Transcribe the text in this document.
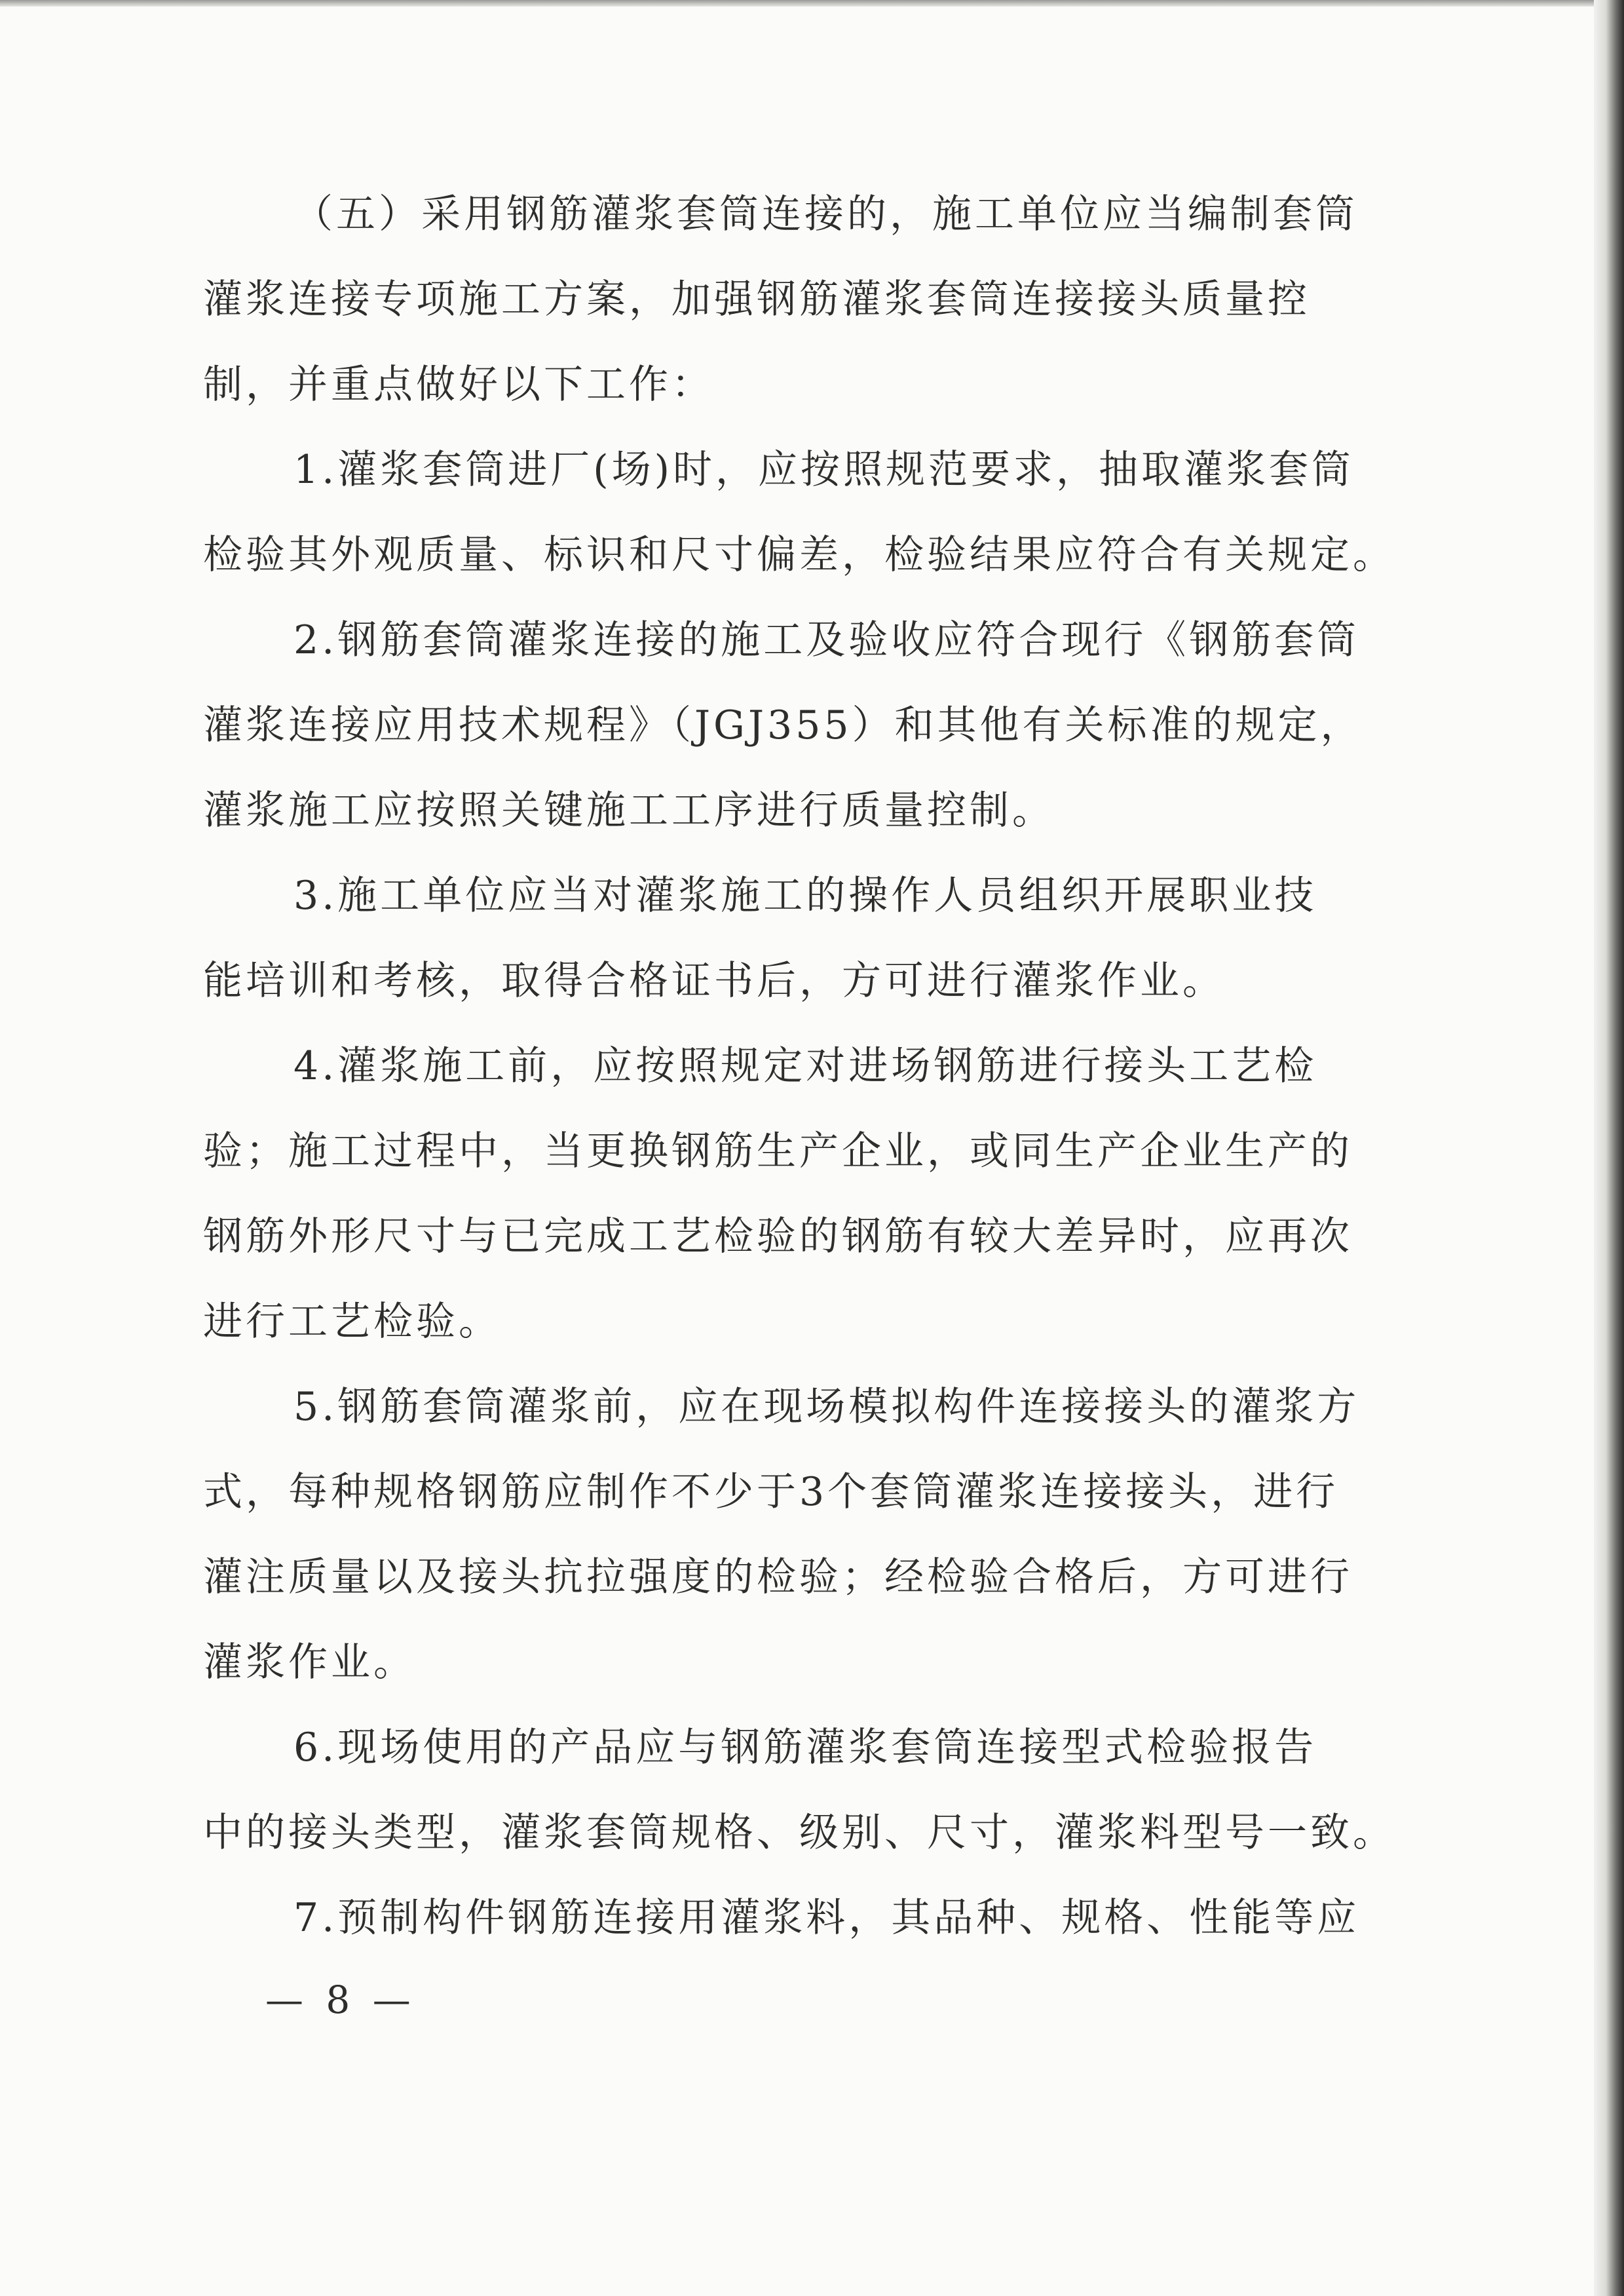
（五）采用钢筋灌浆套筒连接的，施工单位应当编制套筒
灌浆连接专项施工方案，加强钢筋灌浆套筒连接接头质量控
制，并重点做好以下工作：
1.灌浆套筒进厂(场)时，应按照规范要求，抽取灌浆套筒
检验其外观质量、标识和尺寸偏差，检验结果应符合有关规定。
2.钢筋套筒灌浆连接的施工及验收应符合现行《钢筋套筒
灌浆连接应用技术规程》（JGJ355）和其他有关标准的规定，
灌浆施工应按照关键施工工序进行质量控制。
3.施工单位应当对灌浆施工的操作人员组织开展职业技
能培训和考核，取得合格证书后，方可进行灌浆作业。
4.灌浆施工前，应按照规定对进场钢筋进行接头工艺检
验；施工过程中，当更换钢筋生产企业，或同生产企业生产的
钢筋外形尺寸与已完成工艺检验的钢筋有较大差异时，应再次
进行工艺检验。
5.钢筋套筒灌浆前，应在现场模拟构件连接接头的灌浆方
式，每种规格钢筋应制作不少于3个套筒灌浆连接接头，进行
灌注质量以及接头抗拉强度的检验；经检验合格后，方可进行
灌浆作业。
6.现场使用的产品应与钢筋灌浆套筒连接型式检验报告
中的接头类型，灌浆套筒规格、级别、尺寸，灌浆料型号一致。
7.预制构件钢筋连接用灌浆料，其品种、规格、性能等应
— 8 —
